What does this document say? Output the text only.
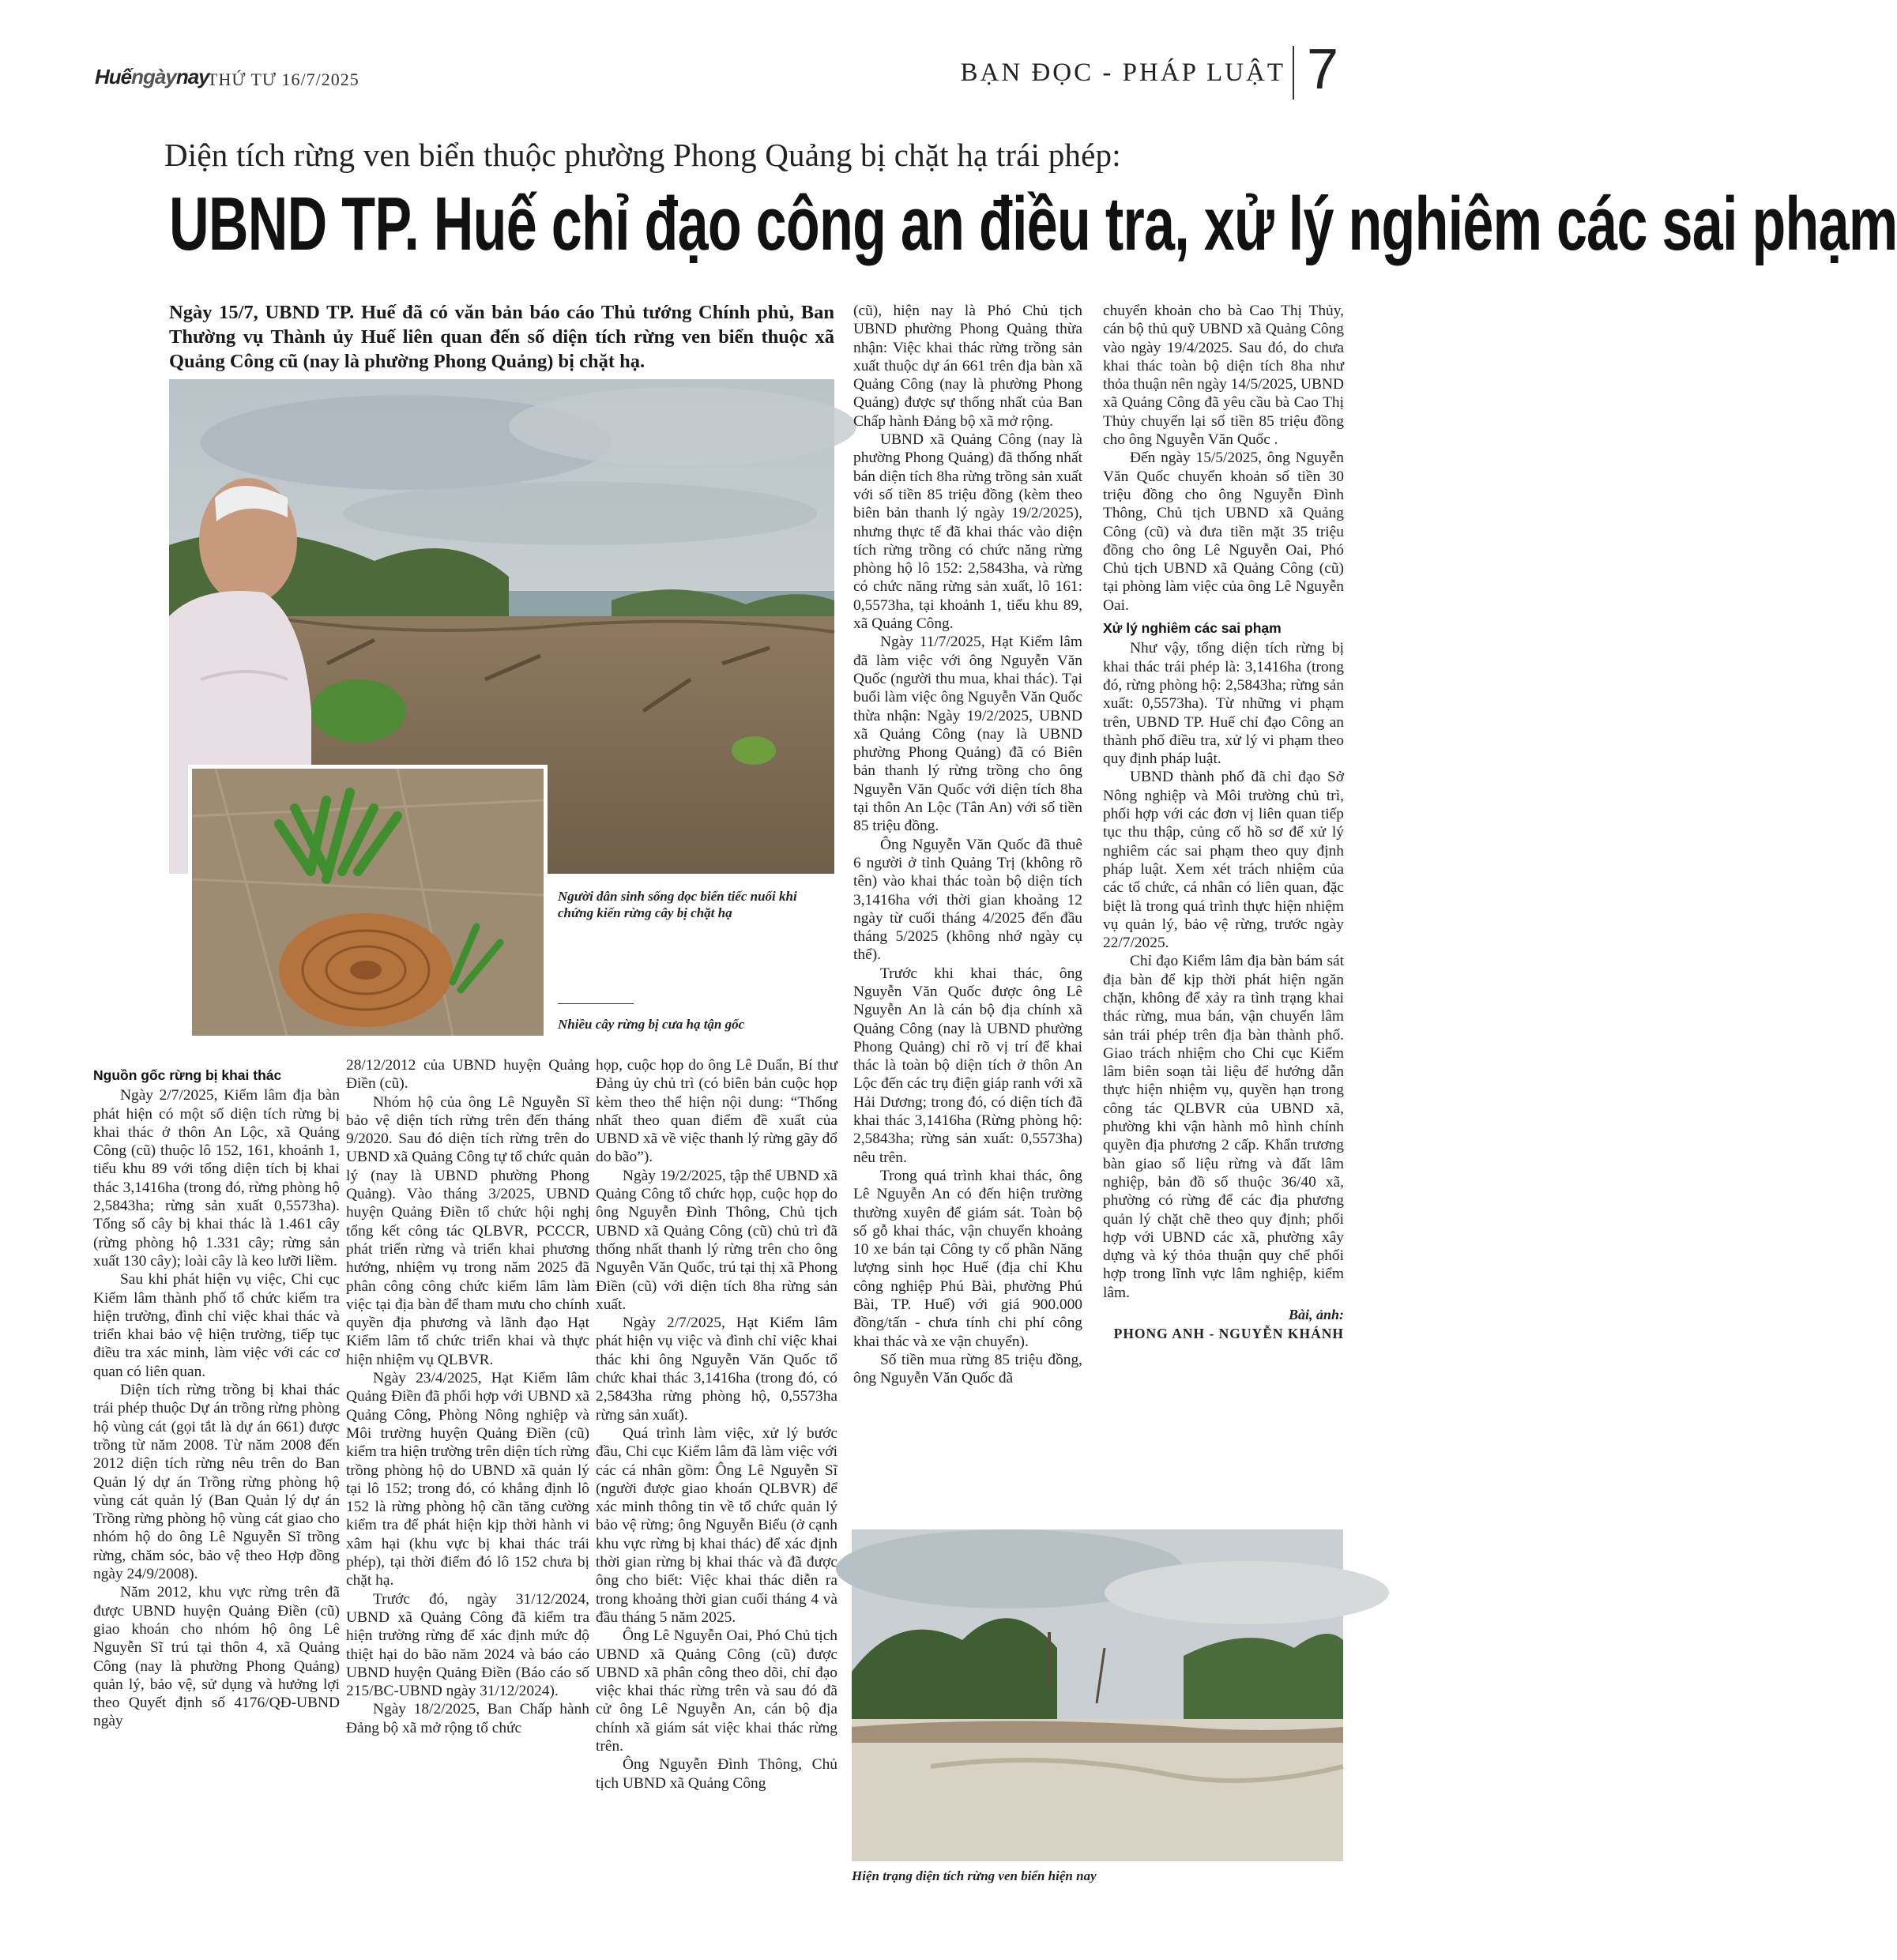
Huếngàynay
THỨ TƯ 16/7/2025	BẠN ĐỌC - PHÁP LUẬT 7
Diện tích rừng ven biển thuộc phường Phong Quảng bị chặt hạ trái phép:
UBND TP. Huế chỉ đạo công an điều tra, xử lý nghiêm các sai phạm
Ngày 15/7, UBND TP. Huế đã có văn bản báo cáo Thủ tướng Chính phủ, Ban Thường vụ Thành ủy Huế liên quan đến số diện tích rừng ven biển thuộc xã Quảng Công cũ (nay là phường Phong Quảng) bị chặt hạ.
Người dân sinh sống dọc biển tiếc nuối khi chứng kiến rừng cây bị chặt hạ
Nhiều cây rừng bị cưa hạ tận gốc
Nguồn gốc rừng bị khai thác

Ngày 2/7/2025, Kiểm lâm địa bàn phát hiện có một số diện tích rừng bị khai thác ở thôn An Lộc, xã Quảng Công (cũ) thuộc lô 152, 161, khoảnh 1, tiểu khu 89 với tổng diện tích bị khai thác 3,1416ha (trong đó, rừng phòng hộ 2,5843ha; rừng sản xuất 0,5573ha). Tổng số cây bị khai thác là 1.461 cây (rừng phòng hộ 1.331 cây; rừng sản xuất 130 cây); loài cây là keo lưỡi liềm.

Sau khi phát hiện vụ việc, Chi cục Kiểm lâm thành phố tổ chức kiểm tra hiện trường, đình chỉ việc khai thác và triển khai bảo vệ hiện trường, tiếp tục điều tra xác minh, làm việc với các cơ quan có liên quan.

Diện tích rừng trồng bị khai thác trái phép thuộc Dự án trồng rừng phòng hộ vùng cát (gọi tắt là dự án 661) được trồng từ năm 2008. Từ năm 2008 đến 2012 diện tích rừng nêu trên do Ban Quản lý dự án Trồng rừng phòng hộ vùng cát quản lý (Ban Quản lý dự án Trồng rừng phòng hộ vùng cát giao cho nhóm hộ do ông Lê Nguyễn Sĩ trồng rừng, chăm sóc, bảo vệ theo Hợp đồng ngày 24/9/2008).

Năm 2012, khu vực rừng trên đã được UBND huyện Quảng Điền (cũ) giao khoán cho nhóm hộ ông Lê Nguyễn Sĩ trú tại thôn 4, xã Quảng Công (nay là phường Phong Quảng) quản lý, bảo vệ, sử dụng và hưởng lợi theo Quyết định số 4176/QĐ-UBND ngày

28/12/2012 của UBND huyện Quảng Điền (cũ).

Nhóm hộ của ông Lê Nguyễn Sĩ bảo vệ diện tích rừng trên đến tháng 9/2020. Sau đó diện tích rừng trên do UBND xã Quảng Công tự tổ chức quản lý (nay là UBND phường Phong Quảng). Vào tháng 3/2025, UBND huyện Quảng Điền tổ chức hội nghị tổng kết công tác QLBVR, PCCCR, phát triển rừng và triển khai phương hướng, nhiệm vụ trong năm 2025 đã phân công công chức kiểm lâm làm việc tại địa bàn để tham mưu cho chính quyền địa phương và lãnh đạo Hạt Kiểm lâm tổ chức triển khai và thực hiện nhiệm vụ QLBVR.

Ngày 23/4/2025, Hạt Kiểm lâm Quảng Điền đã phối hợp với UBND xã Quảng Công, Phòng Nông nghiệp và Môi trường huyện Quảng Điền (cũ) kiểm tra hiện trường trên diện tích rừng trồng phòng hộ do UBND xã quản lý tại lô 152; trong đó, có khẳng định lô 152 là rừng phòng hộ cần tăng cường kiểm tra để phát hiện kịp thời hành vi xâm hại (khu vực bị khai thác trái phép), tại thời điểm đó lô 152 chưa bị chặt hạ.

Trước đó, ngày 31/12/2024, UBND xã Quảng Công đã kiểm tra hiện trường rừng để xác định mức độ thiệt hại do bão năm 2024 và báo cáo UBND huyện Quảng Điền (Báo cáo số 215/BC-UBND ngày 31/12/2024).

Ngày 18/2/2025, Ban Chấp hành Đảng bộ xã mở rộng tổ chức

họp, cuộc họp do ông Lê Duẩn, Bí thư Đảng ủy chủ trì (có biên bản cuộc họp kèm theo thể hiện nội dung: “Thống nhất theo quan điểm đề xuất của UBND xã về việc thanh lý rừng gãy đổ do bão”).

Ngày 19/2/2025, tập thể UBND xã Quảng Công tổ chức họp, cuộc họp do ông Nguyễn Đình Thông, Chủ tịch UBND xã Quảng Công (cũ) chủ trì đã thống nhất thanh lý rừng trên cho ông Nguyễn Văn Quốc, trú tại thị xã Phong Điền (cũ) với diện tích 8ha rừng sản xuất.

Ngày 2/7/2025, Hạt Kiểm lâm phát hiện vụ việc và đình chỉ việc khai thác khi ông Nguyễn Văn Quốc tổ chức khai thác 3,1416ha (trong đó, có 2,5843ha rừng phòng hộ, 0,5573ha rừng sản xuất).

Quá trình làm việc, xử lý bước đầu, Chi cục Kiểm lâm đã làm việc với các cá nhân gồm: Ông Lê Nguyễn Sĩ (người được giao khoán QLBVR) để xác minh thông tin về tổ chức quản lý bảo vệ rừng; ông Nguyễn Biểu (ở cạnh khu vực rừng bị khai thác) để xác định thời gian rừng bị khai thác và đã được ông cho biết: Việc khai thác diễn ra trong khoảng thời gian cuối tháng 4 và đầu tháng 5 năm 2025.

Ông Lê Nguyễn Oai, Phó Chủ tịch UBND xã Quảng Công (cũ) được UBND xã phân công theo dõi, chỉ đạo việc khai thác rừng trên và sau đó đã cử ông Lê Nguyễn An, cán bộ địa chính xã giám sát việc khai thác rừng trên.

Ông Nguyễn Đình Thông, Chủ tịch UBND xã Quảng Công

(cũ), hiện nay là Phó Chủ tịch UBND phường Phong Quảng thừa nhận: Việc khai thác rừng trồng sản xuất thuộc dự án 661 trên địa bàn xã Quảng Công (nay là phường Phong Quảng) được sự thống nhất của Ban Chấp hành Đảng bộ xã mở rộng.

UBND xã Quảng Công (nay là phường Phong Quảng) đã thống nhất bán diện tích 8ha rừng trồng sản xuất với số tiền 85 triệu đồng (kèm theo biên bản thanh lý ngày 19/2/2025), nhưng thực tế đã khai thác vào diện tích rừng trồng có chức năng rừng phòng hộ lô 152: 2,5843ha, và rừng có chức năng rừng sản xuất, lô 161: 0,5573ha, tại khoảnh 1, tiểu khu 89, xã Quảng Công.

Ngày 11/7/2025, Hạt Kiểm lâm đã làm việc với ông Nguyễn Văn Quốc (người thu mua, khai thác). Tại buổi làm việc ông Nguyễn Văn Quốc thừa nhận: Ngày 19/2/2025, UBND xã Quảng Công (nay là UBND phường Phong Quảng) đã có Biên bản thanh lý rừng trồng cho ông Nguyễn Văn Quốc với diện tích 8ha tại thôn An Lộc (Tân An) với số tiền 85 triệu đồng.

Ông Nguyễn Văn Quốc đã thuê 6 người ở tỉnh Quảng Trị (không rõ tên) vào khai thác toàn bộ diện tích 3,1416ha với thời gian khoảng 12 ngày từ cuối tháng 4/2025 đến đầu tháng 5/2025 (không nhớ ngày cụ thể).

Trước khi khai thác, ông Nguyễn Văn Quốc được ông Lê Nguyễn An là cán bộ địa chính xã Quảng Công (nay là UBND phường Phong Quảng) chỉ rõ vị trí để khai thác là toàn bộ diện tích ở thôn An Lộc đến các trụ điện giáp ranh với xã Hải Dương; trong đó, có diện tích đã khai thác 3,1416ha (Rừng phòng hộ: 2,5843ha; rừng sản xuất: 0,5573ha) nêu trên.

Trong quá trình khai thác, ông Lê Nguyễn An có đến hiện trường thường xuyên để giám sát. Toàn bộ số gỗ khai thác, vận chuyển khoảng 10 xe bán tại Công ty cổ phần Năng lượng sinh học Huế (địa chỉ Khu công nghiệp Phú Bài, phường Phú Bài, TP. Huế) với giá 900.000 đồng/tấn - chưa tính chi phí công khai thác và xe vận chuyển).

Số tiền mua rừng 85 triệu đồng, ông Nguyễn Văn Quốc đã

chuyển khoản cho bà Cao Thị Thủy, cán bộ thủ quỹ UBND xã Quảng Công vào ngày 19/4/2025. Sau đó, do chưa khai thác toàn bộ diện tích 8ha như thỏa thuận nên ngày 14/5/2025, UBND xã Quảng Công đã yêu cầu bà Cao Thị Thủy chuyển lại số tiền 85 triệu đồng cho ông Nguyễn Văn Quốc .

Đến ngày 15/5/2025, ông Nguyễn Văn Quốc chuyển khoản số tiền 30 triệu đồng cho ông Nguyễn Đình Thông, Chủ tịch UBND xã Quảng Công (cũ) và đưa tiền mặt 35 triệu đồng cho ông Lê Nguyễn Oai, Phó Chủ tịch UBND xã Quảng Công (cũ) tại phòng làm việc của ông Lê Nguyễn Oai.

Xử lý nghiêm các sai phạm

Như vậy, tổng diện tích rừng bị khai thác trái phép là: 3,1416ha (trong đó, rừng phòng hộ: 2,5843ha; rừng sản xuất: 0,5573ha). Từ những vi phạm trên, UBND TP. Huế chỉ đạo Công an thành phố điều tra, xử lý vi phạm theo quy định pháp luật.

UBND thành phố đã chỉ đạo Sở Nông nghiệp và Môi trường chủ trì, phối hợp với các đơn vị liên quan tiếp tục thu thập, củng cố hồ sơ để xử lý nghiêm các sai phạm theo quy định pháp luật. Xem xét trách nhiệm của các tổ chức, cá nhân có liên quan, đặc biệt là trong quá trình thực hiện nhiệm vụ quản lý, bảo vệ rừng, trước ngày 22/7/2025.

Chỉ đạo Kiểm lâm địa bàn bám sát địa bàn để kịp thời phát hiện ngăn chặn, không để xảy ra tình trạng khai thác rừng, mua bán, vận chuyển lâm sản trái phép trên địa bàn thành phố. Giao trách nhiệm cho Chi cục Kiểm lâm biên soạn tài liệu để hướng dẫn thực hiện nhiệm vụ, quyền hạn trong công tác QLBVR của UBND xã, phường khi vận hành mô hình chính quyền địa phương 2 cấp. Khẩn trương bàn giao số liệu rừng và đất lâm nghiệp, bản đồ số thuộc 36/40 xã, phường có rừng để các địa phương quản lý chặt chẽ theo quy định; phối hợp với UBND các xã, phường xây dựng và ký thỏa thuận quy chế phối hợp trong lĩnh vực lâm nghiệp, kiểm lâm.

Bài, ảnh:
PHONG ANH - NGUYỄN KHÁNH
Hiện trạng diện tích rừng ven biển hiện nay
